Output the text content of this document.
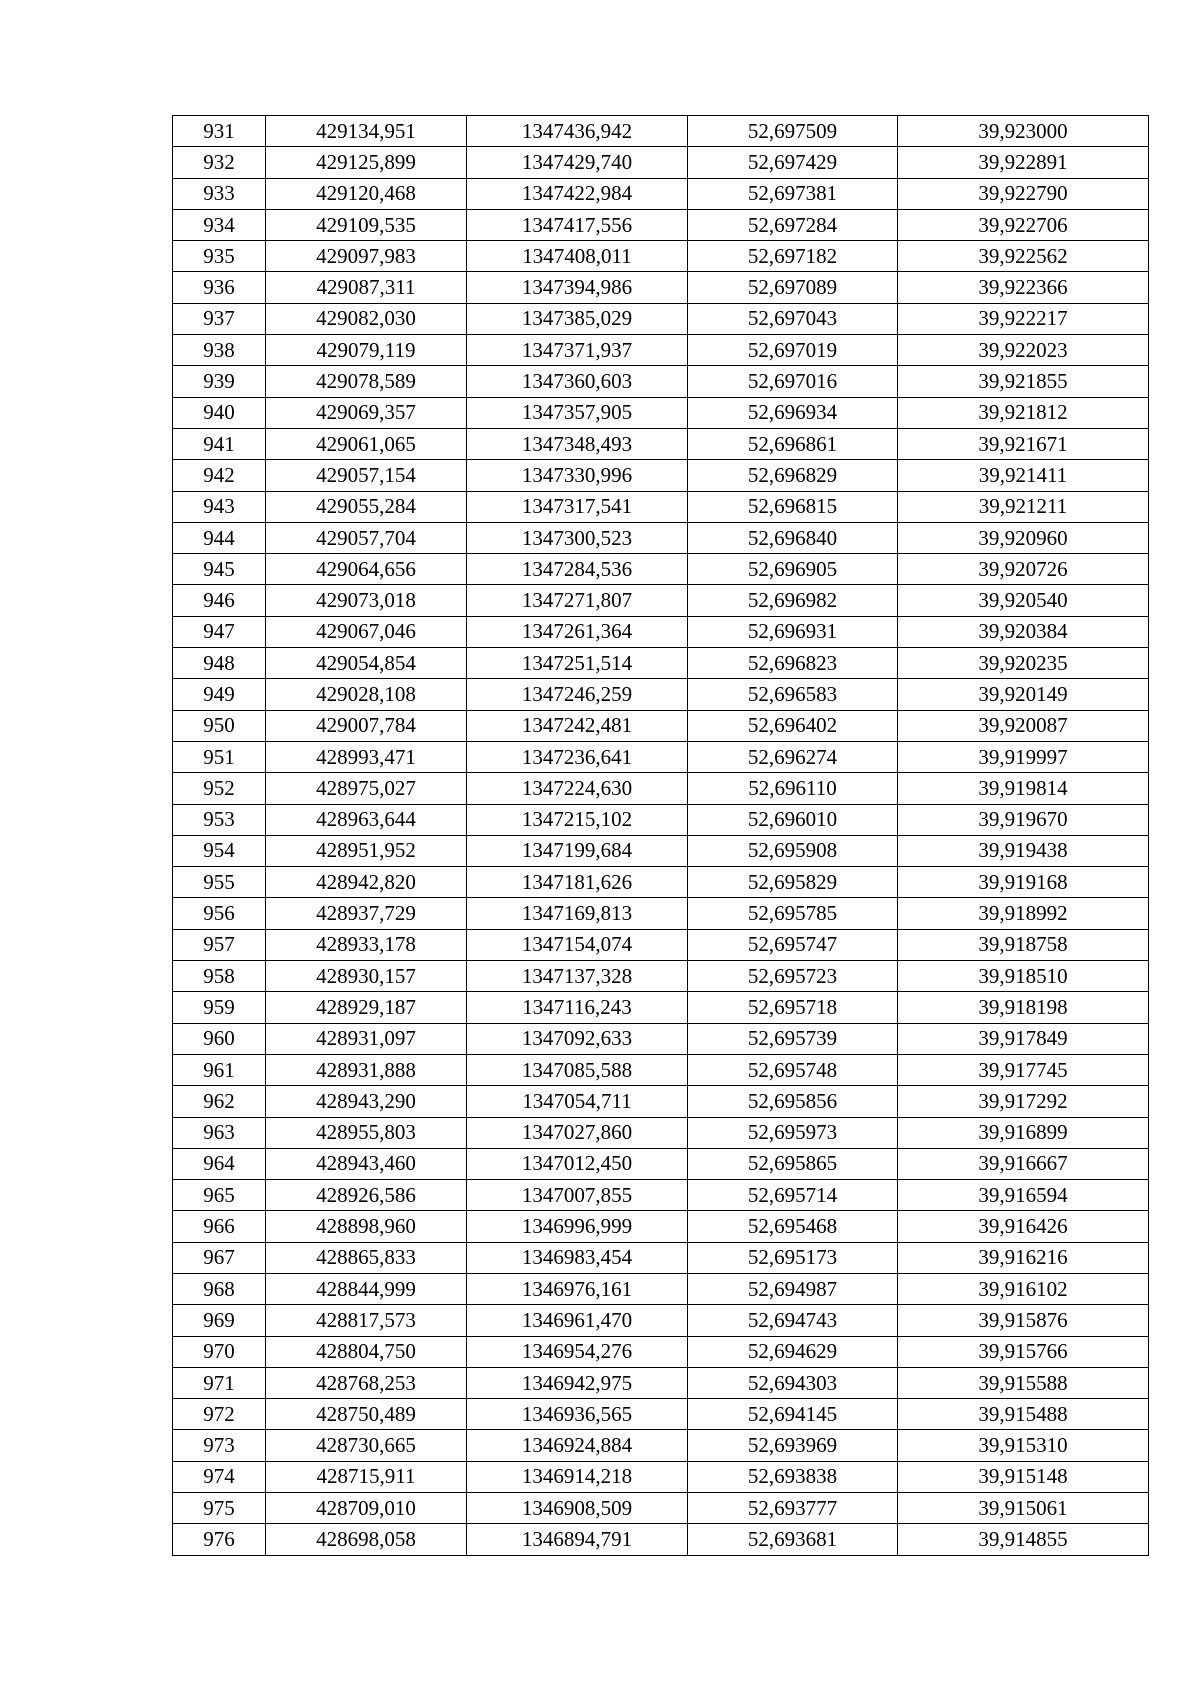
931	429134,951	1347436,942	52,697509	39,923000
932	429125,899	1347429,740	52,697429	39,922891
933	429120,468	1347422,984	52,697381	39,922790
934	429109,535	1347417,556	52,697284	39,922706
935	429097,983	1347408,011	52,697182	39,922562
936	429087,311	1347394,986	52,697089	39,922366
937	429082,030	1347385,029	52,697043	39,922217
938	429079,119	1347371,937	52,697019	39,922023
939	429078,589	1347360,603	52,697016	39,921855
940	429069,357	1347357,905	52,696934	39,921812
941	429061,065	1347348,493	52,696861	39,921671
942	429057,154	1347330,996	52,696829	39,921411
943	429055,284	1347317,541	52,696815	39,921211
944	429057,704	1347300,523	52,696840	39,920960
945	429064,656	1347284,536	52,696905	39,920726
946	429073,018	1347271,807	52,696982	39,920540
947	429067,046	1347261,364	52,696931	39,920384
948	429054,854	1347251,514	52,696823	39,920235
949	429028,108	1347246,259	52,696583	39,920149
950	429007,784	1347242,481	52,696402	39,920087
951	428993,471	1347236,641	52,696274	39,919997
952	428975,027	1347224,630	52,696110	39,919814
953	428963,644	1347215,102	52,696010	39,919670
954	428951,952	1347199,684	52,695908	39,919438
955	428942,820	1347181,626	52,695829	39,919168
956	428937,729	1347169,813	52,695785	39,918992
957	428933,178	1347154,074	52,695747	39,918758
958	428930,157	1347137,328	52,695723	39,918510
959	428929,187	1347116,243	52,695718	39,918198
960	428931,097	1347092,633	52,695739	39,917849
961	428931,888	1347085,588	52,695748	39,917745
962	428943,290	1347054,711	52,695856	39,917292
963	428955,803	1347027,860	52,695973	39,916899
964	428943,460	1347012,450	52,695865	39,916667
965	428926,586	1347007,855	52,695714	39,916594
966	428898,960	1346996,999	52,695468	39,916426
967	428865,833	1346983,454	52,695173	39,916216
968	428844,999	1346976,161	52,694987	39,916102
969	428817,573	1346961,470	52,694743	39,915876
970	428804,750	1346954,276	52,694629	39,915766
971	428768,253	1346942,975	52,694303	39,915588
972	428750,489	1346936,565	52,694145	39,915488
973	428730,665	1346924,884	52,693969	39,915310
974	428715,911	1346914,218	52,693838	39,915148
975	428709,010	1346908,509	52,693777	39,915061
976	428698,058	1346894,791	52,693681	39,914855
